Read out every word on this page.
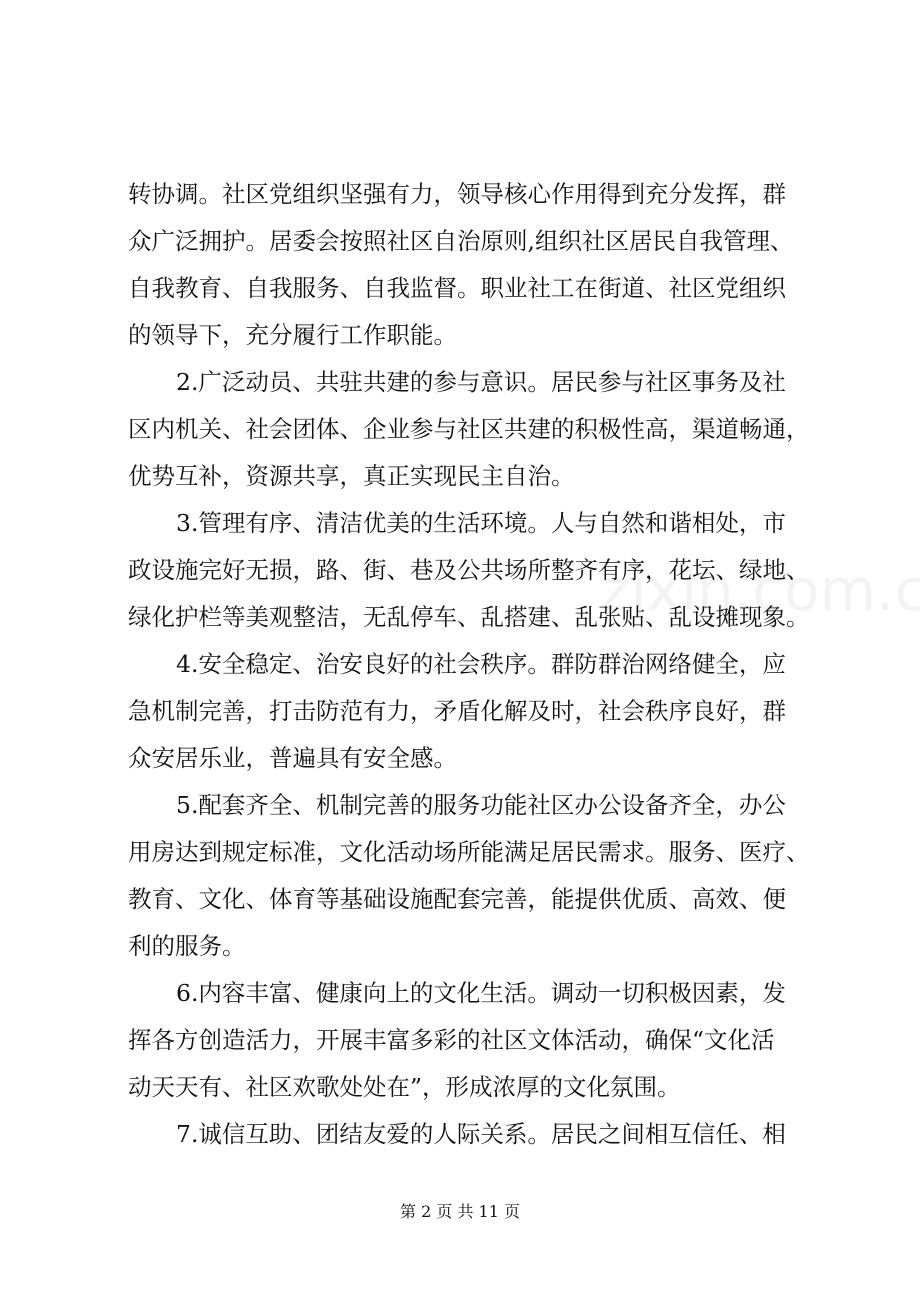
转协调。社区党组织坚强有力，领导核心作用得到充分发挥，群
众广泛拥护。居委会按照社区自治原则,组织社区居民自我管理、
自我教育、自我服务、自我监督。职业社工在街道、社区党组织
的领导下，充分履行工作职能。
2.广泛动员、共驻共建的参与意识。居民参与社区事务及社
区内机关、社会团体、企业参与社区共建的积极性高，渠道畅通，
优势互补，资源共享，真正实现民主自治。
3.管理有序、清洁优美的生活环境。人与自然和谐相处，市
政设施完好无损，路、街、巷及公共场所整齐有序，花坛、绿地、
绿化护栏等美观整洁，无乱停车、乱搭建、乱张贴、乱设摊现象。
4.安全稳定、治安良好的社会秩序。群防群治网络健全，应
急机制完善，打击防范有力，矛盾化解及时，社会秩序良好，群
众安居乐业，普遍具有安全感。
5.配套齐全、机制完善的服务功能社区办公设备齐全，办公
用房达到规定标准，文化活动场所能满足居民需求。服务、医疗、
教育、文化、体育等基础设施配套完善，能提供优质、高效、便
利的服务。
6.内容丰富、健康向上的文化生活。调动一切积极因素，发
挥各方创造活力，开展丰富多彩的社区文体活动，确保“文化活
动天天有、社区欢歌处处在”，形成浓厚的文化氛围。
7.诚信互助、团结友爱的人际关系。居民之间相互信任、相
第 2 页 共 11 页
